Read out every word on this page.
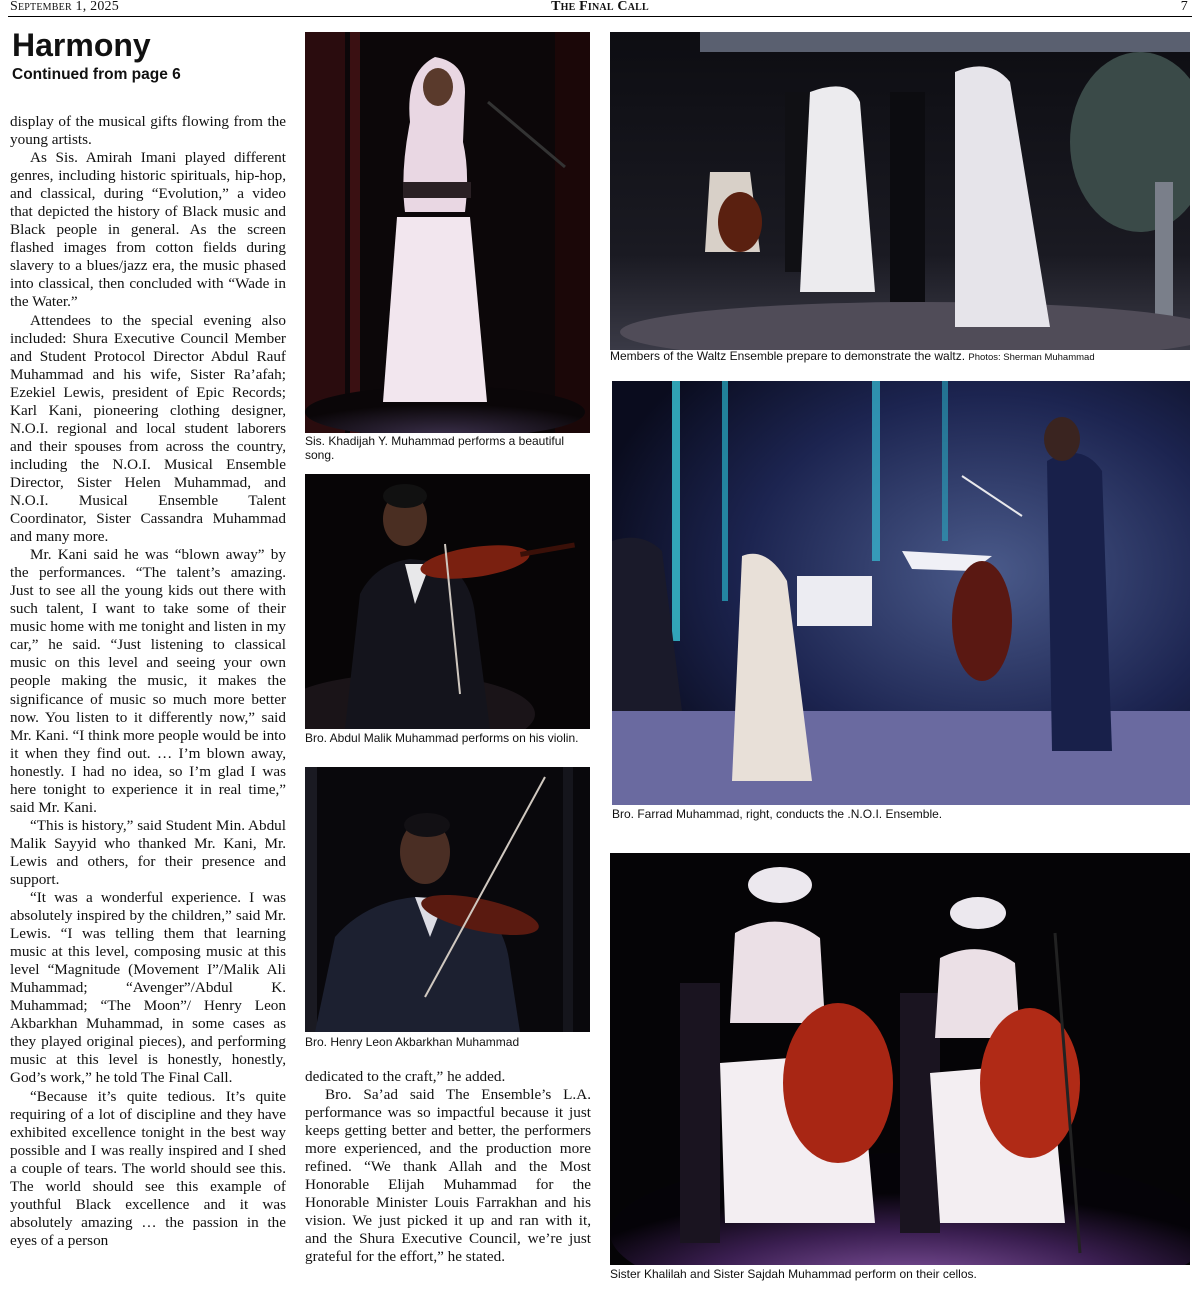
September 1, 2025	The Final Call	7
Harmony
Continued from page 6

display of the musical gifts flowing from the young artists.

As Sis. Amirah Imani played different genres, including historic spirituals, hip-hop, and classical, during “Evolution,” a video that depicted the history of Black music and Black people in general. As the screen flashed images from cotton fields during slavery to a blues/jazz era, the music phased into classical, then concluded with “Wade in the Water.”

Attendees to the special evening also included: Shura Executive Council Member and Student Protocol Director Abdul Rauf Muhammad and his wife, Sister Ra’afah; Ezekiel Lewis, president of Epic Records; Karl Kani, pioneering clothing designer, N.O.I. regional and local student laborers and their spouses from across the country, including the N.O.I. Musical Ensemble Director, Sister Helen Muhammad, and N.O.I. Musical Ensemble Talent Coordinator, Sister Cassandra Muhammad and many more.

Mr. Kani said he was “blown away” by the performances. “The talent’s amazing. Just to see all the young kids out there with such talent, I want to take some of their music home with me tonight and listen in my car,” he said. “Just listening to classical music on this level and seeing your own people making the music, it makes the significance of music so much more better now. You listen to it differently now,” said Mr. Kani. “I think more people would be into it when they find out. … I’m blown away, honestly. I had no idea, so I’m glad I was here tonight to experience it in real time,” said Mr. Kani.

“This is history,” said Student Min. Abdul Malik Sayyid who thanked Mr. Kani, Mr. Lewis and others, for their presence and support.

“It was a wonderful experience. I was absolutely inspired by the children,” said Mr. Lewis. “I was telling them that learning music at this level, composing music at this level “Magnitude (Movement I”/Malik Ali Muhammad; “Avenger”/Abdul K. Muhammad; “The Moon”/ Henry Leon Akbarkhan Muhammad, in some cases as they played original pieces), and performing music at this level is honestly, honestly, God’s work,” he told The Final Call.

“Because it’s quite tedious. It’s quite requiring of a lot of discipline and they have exhibited excellence tonight in the best way possible and I was really inspired and I shed a couple of tears. The world should see this. The world should see this example of youthful Black excellence and it was absolutely amazing … the passion in the eyes of a person

Sis. Khadijah Y. Muhammad performs a beautiful song.
Bro. Abdul Malik Muhammad performs on his violin.
Bro. Henry Leon Akbarkhan Muhammad

dedicated to the craft,” he added.

Bro. Sa’ad said The Ensemble’s L.A. performance was so impactful because it just keeps getting better and better, the performers more experienced, and the production more refined. “We thank Allah and the Most Honorable Elijah Muhammad for the Honorable Minister Louis Farrakhan and his vision. We just picked it up and ran with it, and the Shura Executive Council, we’re just grateful for the effort,” he stated.

Members of the Waltz Ensemble prepare to demonstrate the waltz. Photos: Sherman Muhammad
Bro. Farrad Muhammad, right, conducts the .N.O.I. Ensemble.
Sister Khalilah and Sister Sajdah Muhammad perform on their cellos.
